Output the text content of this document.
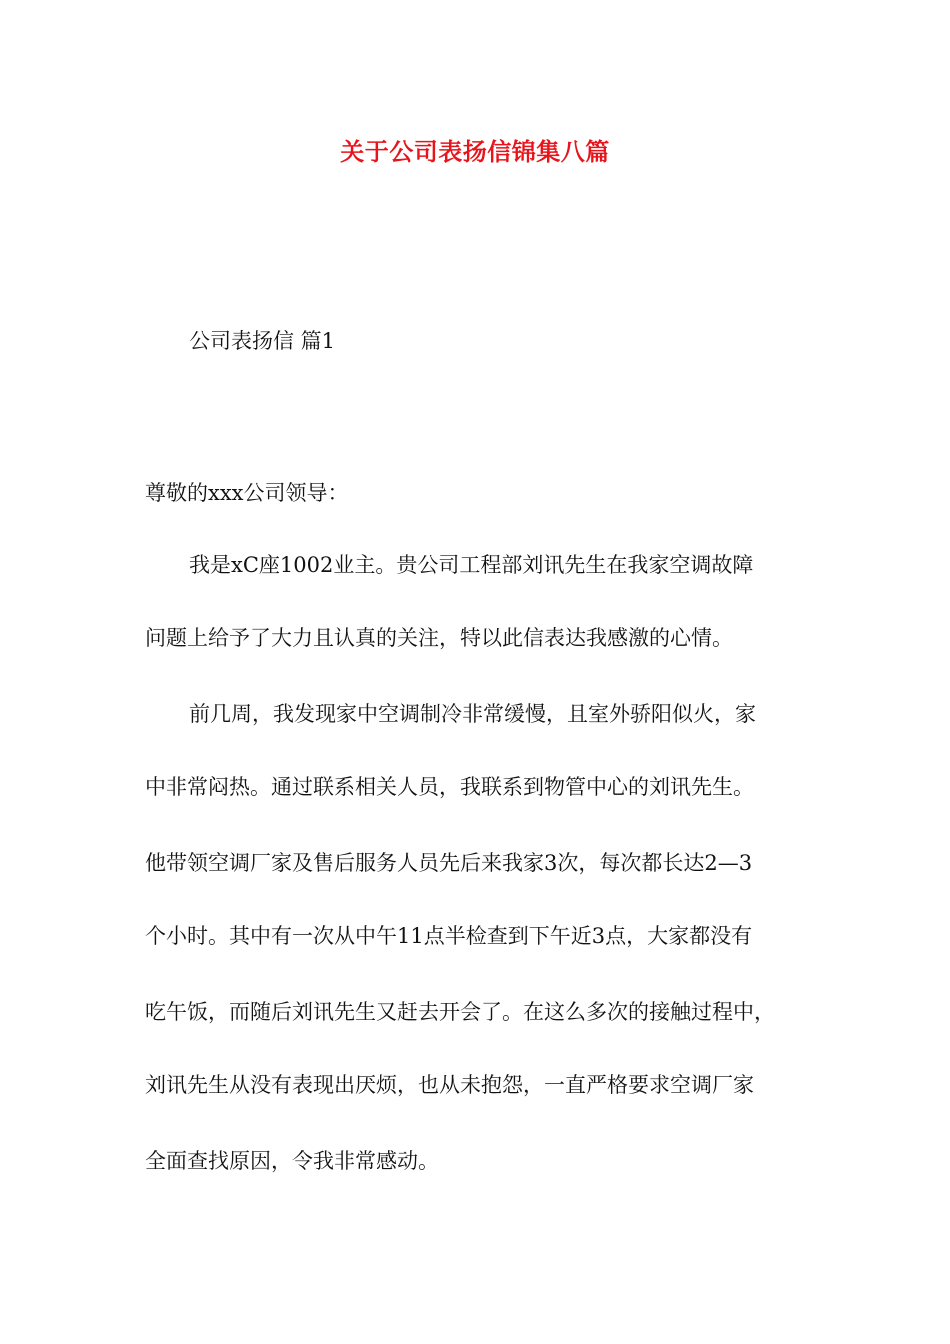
关于公司表扬信锦集八篇
公司表扬信 篇1
尊敬的xxx公司领导：
我是xC座1002业主。贵公司工程部刘讯先生在我家空调故障
问题上给予了大力且认真的关注，特以此信表达我感激的心情。
前几周，我发现家中空调制冷非常缓慢，且室外骄阳似火，家
中非常闷热。通过联系相关人员，我联系到物管中心的刘讯先生。
他带领空调厂家及售后服务人员先后来我家3次，每次都长达2—3
个小时。其中有一次从中午11点半检查到下午近3点，大家都没有
吃午饭，而随后刘讯先生又赶去开会了。在这么多次的接触过程中，
刘讯先生从没有表现出厌烦，也从未抱怨，一直严格要求空调厂家
全面查找原因，令我非常感动。
